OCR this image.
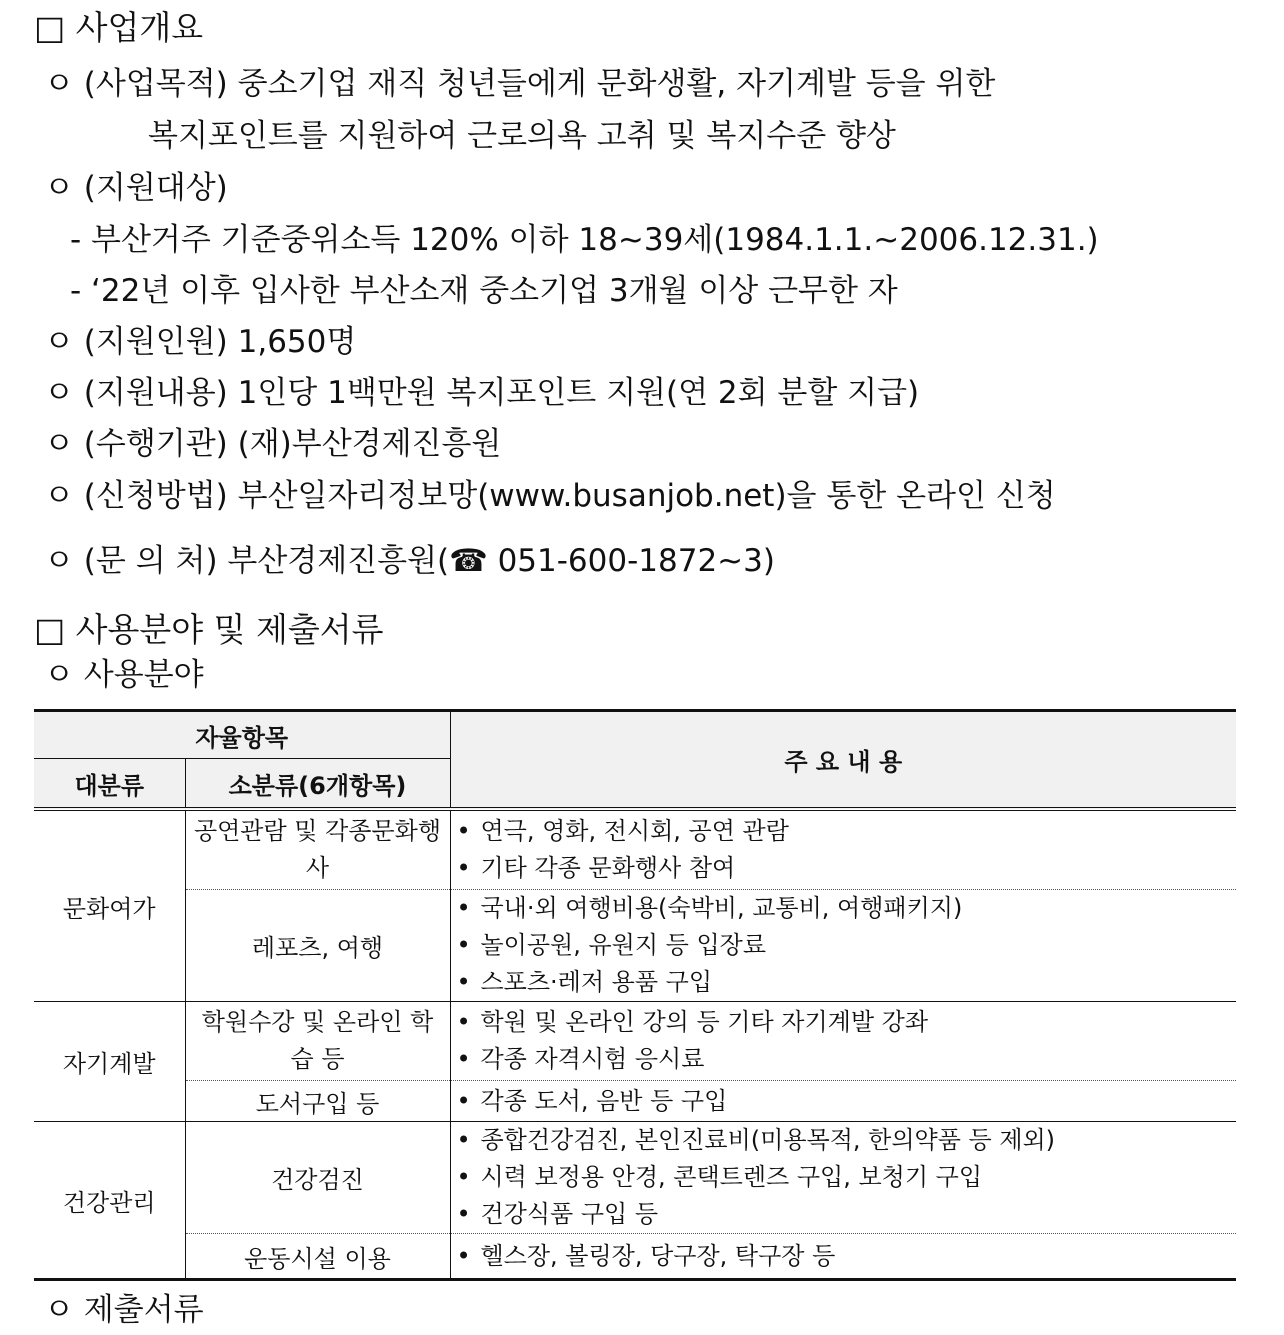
□ 사업개요
ㅇ (사업목적) 중소기업 재직 청년들에게 문화생활, 자기계발 등을 위한
복지포인트를 지원하여 근로의욕 고취 및 복지수준 향상
ㅇ (지원대상)
- 부산거주 기준중위소득 120% 이하 18~39세(1984.1.1.~2006.12.31.)
- ‘22년 이후 입사한 부산소재 중소기업 3개월 이상 근무한 자
ㅇ (지원인원) 1,650명
ㅇ (지원내용) 1인당 1백만원 복지포인트 지원(연 2회 분할 지급)
ㅇ (수행기관) (재)부산경제진흥원
ㅇ (신청방법) 부산일자리정보망(www.busanjob.net)을 통한 온라인 신청
ㅇ (문 의 처) 부산경제진흥원(☎ 051-600-1872~3)
□ 사용분야 및 제출서류
ㅇ 사용분야
자율항목		주 요 내 용
대분류	소분류(6개항목)	
문화여가	공연관람 및 각종문화행사	• 연극, 영화, 전시회, 공연 관람
• 기타 각종 문화행사 참여

	레포츠, 여행	• 국내·외 여행비용(숙박비, 교통비, 여행패키지)
• 놀이공원, 유원지 등 입장료
• 스포츠·레저 용품 구입

자기계발	학원수강 및 온라인 학습 등	• 학원 및 온라인 강의 등 기타 자기계발 강좌
• 각종 자격시험 응시료

	도서구입 등	• 각종 도서, 음반 등 구입

건강관리	건강검진	• 종합건강검진, 본인진료비(미용목적, 한의약품 등 제외)
• 시력 보정용 안경, 콘택트렌즈 구입, 보청기 구입
• 건강식품 구입 등

	운동시설 이용	• 헬스장, 볼링장, 당구장, 탁구장 등
ㅇ 제출서류
